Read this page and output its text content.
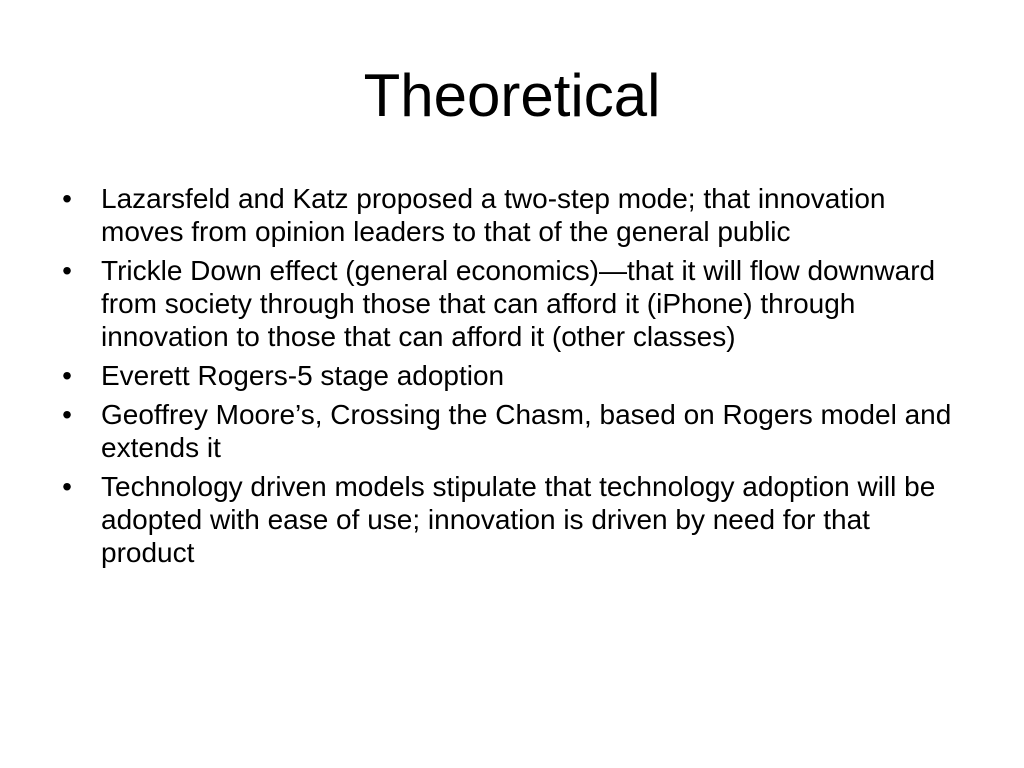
Theoretical
• Lazarsfeld and Katz proposed a two-step mode; that innovation moves from opinion leaders to that of the general public
• Trickle Down effect (general economics)—that it will flow downward from society through those that can afford it (iPhone) through innovation to those that can afford it (other classes)
• Everett Rogers-5 stage adoption
• Geoffrey Moore’s, Crossing the Chasm, based on Rogers model and extends it
• Technology driven models stipulate that technology adoption will be adopted with ease of use; innovation is driven by need for that product
